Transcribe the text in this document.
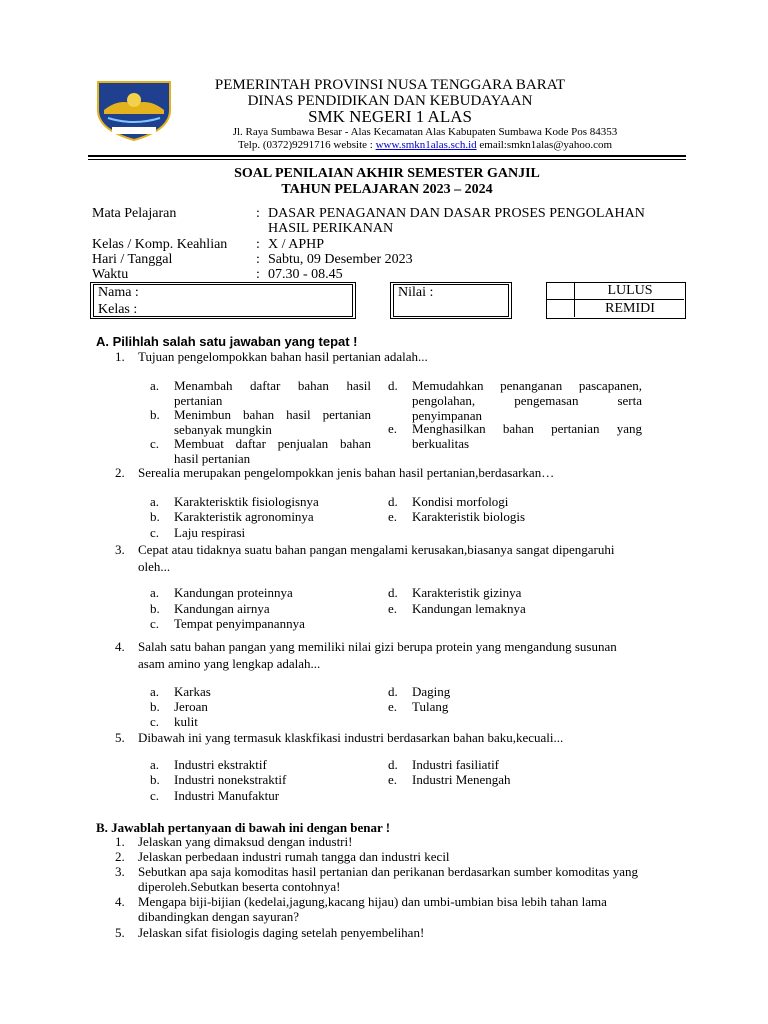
PEMERINTAH PROVINSI NUSA TENGGARA BARAT
DINAS PENDIDIKAN DAN KEBUDAYAAN
SMK NEGERI 1 ALAS
Jl. Raya Sumbawa Besar - Alas Kecamatan Alas Kabupaten Sumbawa Kode Pos 84353
Telp. (0372)9291716 website : www.smkn1alas.sch.id email:smkn1alas@yahoo.com
SOAL PENILAIAN AKHIR SEMESTER GANJIL
TAHUN PELAJARAN 2023 – 2024
Mata Pelajaran	: DASAR PENAGANAN DAN DASAR PROSES PENGOLAHAN
HASIL PERIKANAN
Kelas / Komp. Keahlian : X / APHP
Hari / Tanggal	: Sabtu, 09 Desember 2023
Waktu	: 07.30 - 08.45
Nama :
Kelas :
Nilai :	LULUS
REMIDI
A. Pilihlah salah satu jawaban yang tepat !
1. Tujuan pengelompokkan bahan hasil pertanian adalah...
a. Menambah daftar bahan hasil pertanian
b. Menimbun bahan hasil pertanian sebanyak mungkin
c. Membuat daftar penjualan bahan hasil pertanian
d. Memudahkan penanganan pascapanen, pengolahan, pengemasan serta penyimpanan
e. Menghasilkan bahan pertanian yang berkualitas
2. Serealia merupakan pengelompokkan jenis bahan hasil pertanian,berdasarkan…
a. Karakterisktik fisiologisnya
b. Karakteristik agronominya
c. Laju respirasi
d. Kondisi morfologi
e. Karakteristik biologis
3. Cepat atau tidaknya suatu bahan pangan mengalami kerusakan,biasanya sangat dipengaruhi
oleh...
a. Kandungan proteinnya
b. Kandungan airnya
c. Tempat penyimpanannya
d. Karakteristik gizinya
e. Kandungan lemaknya
4. Salah satu bahan pangan yang memiliki nilai gizi berupa protein yang mengandung susunan
asam amino yang lengkap adalah...
a. Karkas
b. Jeroan
c. kulit
d. Daging
e. Tulang
5. Dibawah ini yang termasuk klaskfikasi industri berdasarkan bahan baku,kecuali...
a. Industri ekstraktif
b. Industri nonekstraktif
c. Industri Manufaktur
d. Industri fasiliatif
e. Industri Menengah
B. Jawablah pertanyaan di bawah ini dengan benar !
1. Jelaskan yang dimaksud dengan industri!
2. Jelaskan perbedaan industri rumah tangga dan industri kecil
3. Sebutkan apa saja komoditas hasil pertanian dan perikanan berdasarkan sumber komoditas yang
diperoleh.Sebutkan beserta contohnya!
4. Mengapa biji-bijian (kedelai,jagung,kacang hijau) dan umbi-umbian bisa lebih tahan lama
dibandingkan dengan sayuran?
5. Jelaskan sifat fisiologis daging setelah penyembelihan!
